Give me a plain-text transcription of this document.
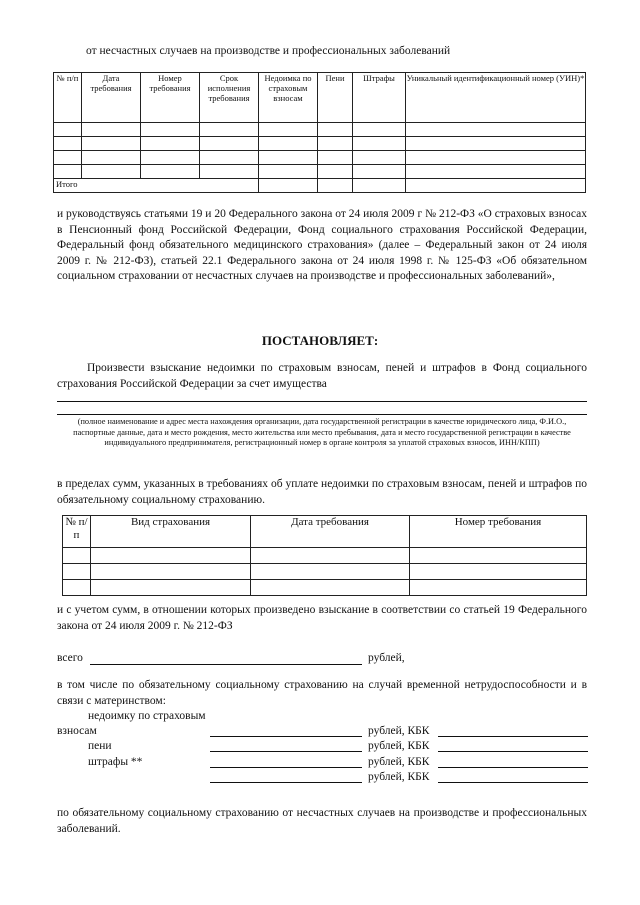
от несчастных случаев на производстве и профессиональных заболеваний
№ п/п	Дата требования	Номер требования	Срок исполнения требования	Недоимка по страховым взносам	Пени	Штрафы	Уникальный идентификационный номер (УИН)*

Итого							
и руководствуясь статьями 19 и 20 Федерального закона от 24 июля 2009 г № 212-ФЗ «О страховых взносах в Пенсионный фонд Российской Федерации, Фонд социального страхования Российской Федерации, Федеральный фонд обязательного медицинского страхования» (далее – Федеральный закон от 24 июля 2009 г. № 212-ФЗ), статьей 22.1 Федерального закона от 24 июля 1998 г. № 125-ФЗ «Об обязательном социальном страховании от несчастных случаев на производстве и профессиональных заболеваний»,
ПОСТАНОВЛЯЕТ:
Произвести взыскание недоимки по страховым взносам, пеней и штрафов в Фонд социального страхования Российской Федерации за счет имущества
(полное наименование и адрес места нахождения организации, дата государственной регистрации в качестве юридического лица, Ф.И.О., паспортные данные, дата и место рождения, место жительства или место пребывания, дата и место государственной регистрации в качестве индивидуального предпринимателя, регистрационный номер в органе контроля за уплатой страховых взносов, ИНН/КПП)
в пределах сумм, указанных в требованиях об уплате недоимки по страховым взносам, пеней и штрафов по обязательному социальному страхованию.
№ п/п	Вид страхования	Дата требования	Номер требования

и с учетом сумм, в отношении которых произведено взыскание в соответствии со статьей 19 Федерального закона от 24 июля 2009 г. № 212-ФЗ
всего	рублей,
в том числе по обязательному социальному страхованию на случай временной нетрудоспособности и в связи с материнством:
недоимку по страховым
взносам	рублей, КБК
пени	рублей, КБК
штрафы **	рублей, КБК
рублей, КБК
по обязательному социальному страхованию от несчастных случаев на производстве и профессиональных заболеваний.
